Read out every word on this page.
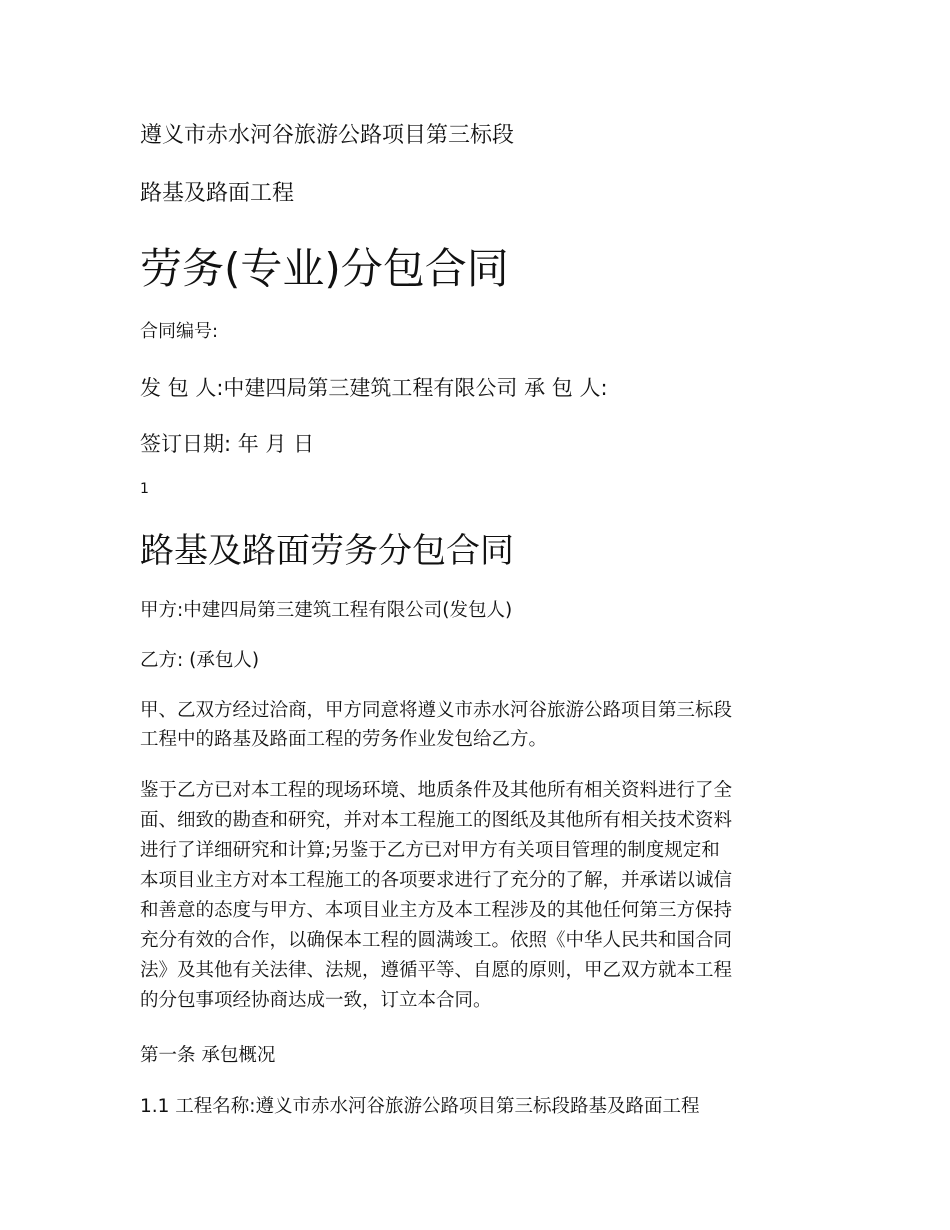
遵义市赤水河谷旅游公路项目第三标段

路基及路面工程

劳务(专业)分包合同

合同编号:

发 包 人:中建四局第三建筑工程有限公司 承 包 人:

签订日期: 年 月 日

1

路基及路面劳务分包合同

甲方:中建四局第三建筑工程有限公司(发包人)

乙方: (承包人)

甲、乙双方经过洽商，甲方同意将遵义市赤水河谷旅游公路项目第三标段

工程中的路基及路面工程的劳务作业发包给乙方。

鉴于乙方已对本工程的现场环境、地质条件及其他所有相关资料进行了全

面、细致的勘查和研究，并对本工程施工的图纸及其他所有相关技术资料

进行了详细研究和计算;另鉴于乙方已对甲方有关项目管理的制度规定和

本项目业主方对本工程施工的各项要求进行了充分的了解，并承诺以诚信

和善意的态度与甲方、本项目业主方及本工程涉及的其他任何第三方保持

充分有效的合作，以确保本工程的圆满竣工。依照《中华人民共和国合同

法》及其他有关法律、法规，遵循平等、自愿的原则，甲乙双方就本工程

的分包事项经协商达成一致，订立本合同。

第一条 承包概况

1.1 工程名称:遵义市赤水河谷旅游公路项目第三标段路基及路面工程
